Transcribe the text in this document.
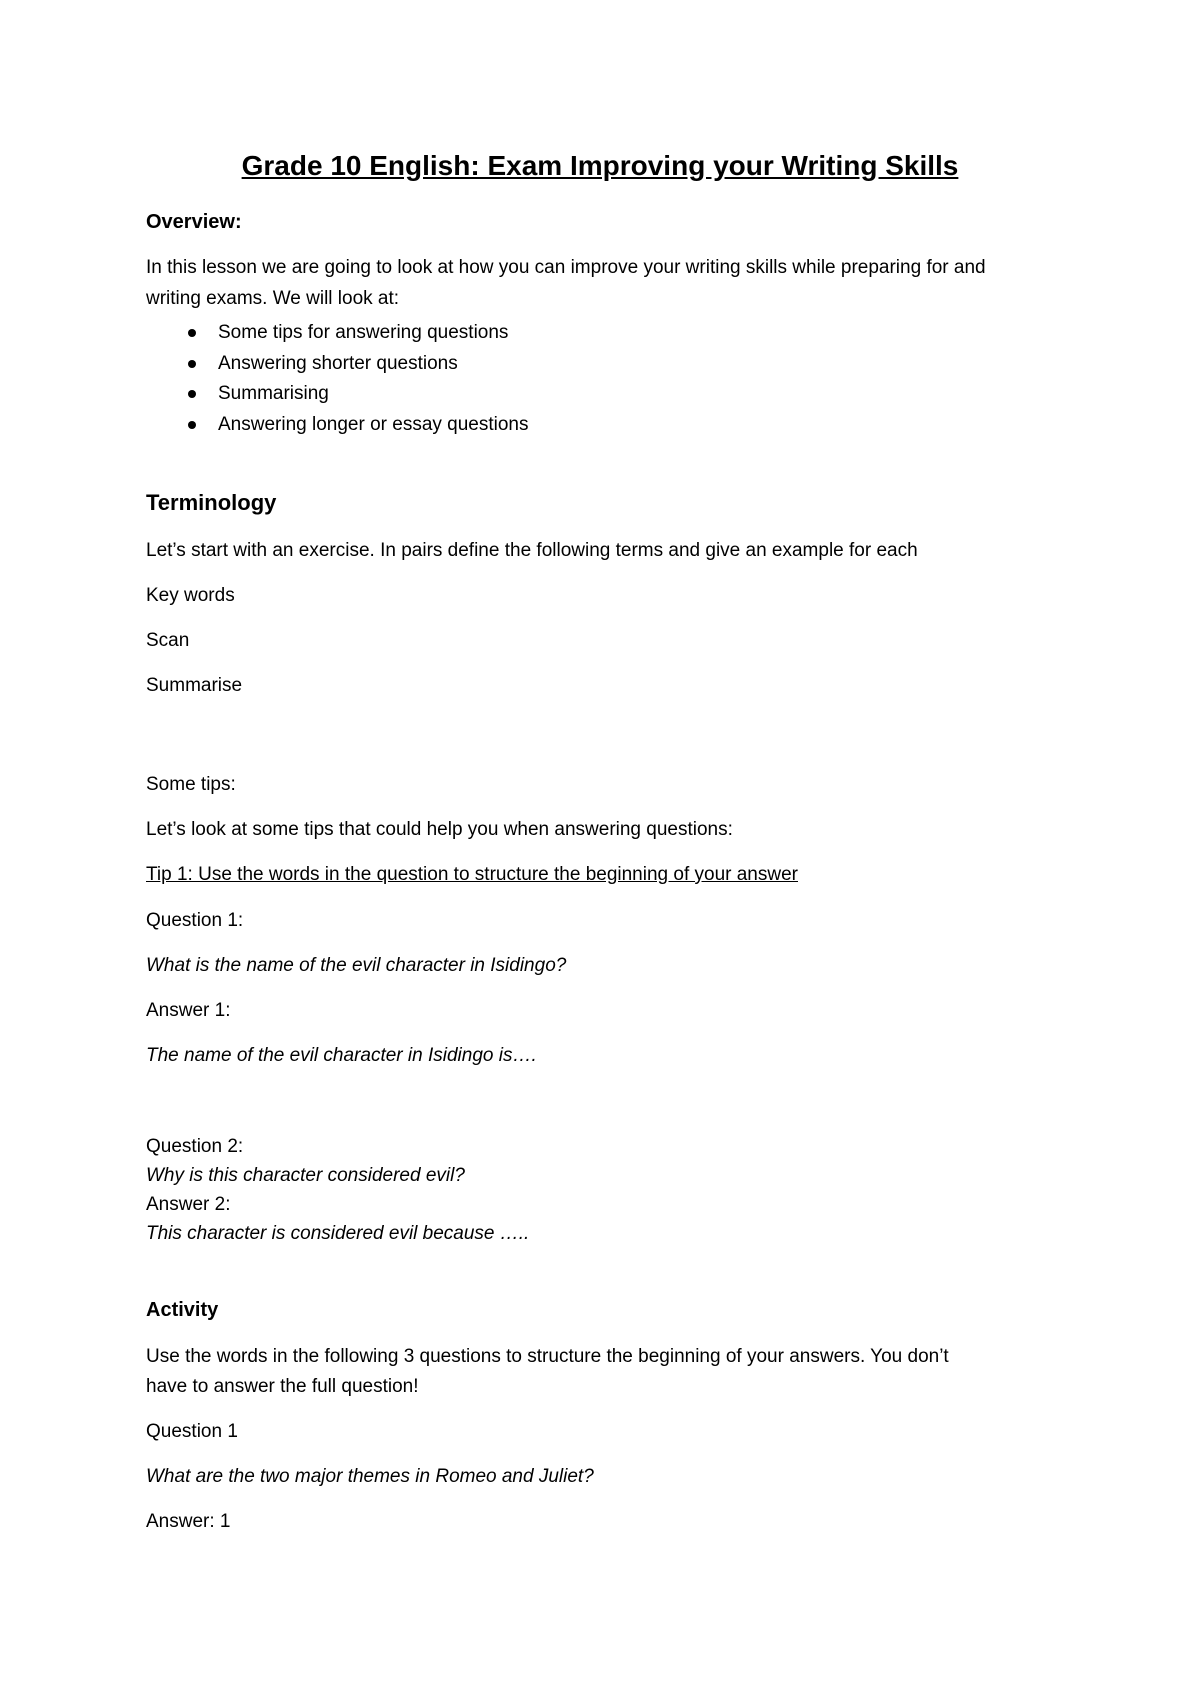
Grade 10 English: Exam Improving your Writing Skills
Overview:
In this lesson we are going to look at how you can improve your writing skills while preparing for and
writing exams. We will look at:
Some tips for answering questions
Answering shorter questions
Summarising
Answering longer or essay questions
Terminology
Let’s start with an exercise. In pairs define the following terms and give an example for each
Key words
Scan
Summarise
Some tips:
Let’s look at some tips that could help you when answering questions:
Tip 1: Use the words in the question to structure the beginning of your answer
Question 1:
What is the name of the evil character in Isidingo?
Answer 1:
The name of the evil character in Isidingo is….
Question 2:
Why is this character considered evil?
Answer 2:
This character is considered evil because …..
Activity
Use the words in the following 3 questions to structure the beginning of your answers. You don’t
have to answer the full question!
Question 1
What are the two major themes in Romeo and Juliet?
Answer: 1
